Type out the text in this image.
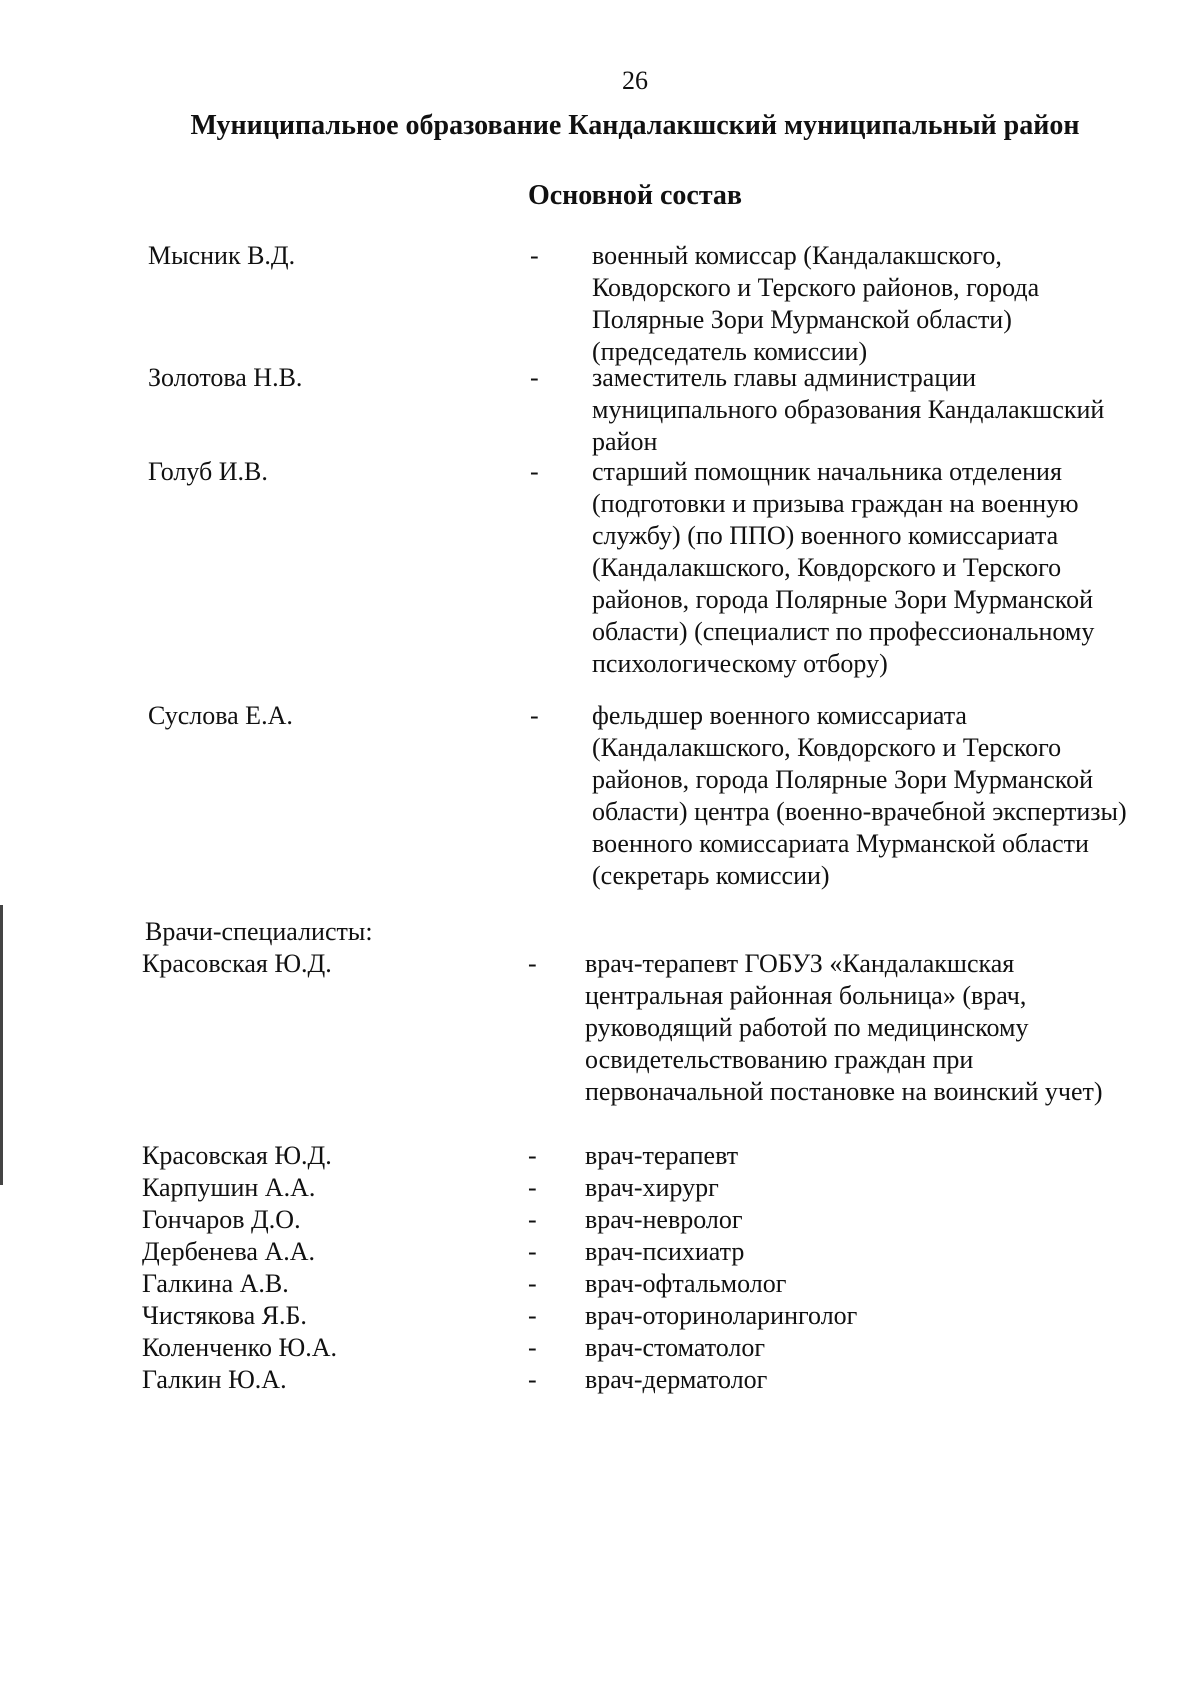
26
Муниципальное образование Кандалакшский муниципальный район
Основной состав
Мысник В.Д.	- военный комиссар (Кандалакшского, Ковдорского и Терского районов, города Полярные Зори Мурманской области) (председатель комиссии)
Золотова Н.В.	- заместитель главы администрации муниципального образования Кандалакшский район
Голуб И.В.	- старший помощник начальника отделения (подготовки и призыва граждан на военную службу) (по ППО) военного комиссариата (Кандалакшского, Ковдорского и Терского районов, города Полярные Зори Мурманской области) (специалист по профессиональному психологическому отбору)
Суслова Е.А.	- фельдшер военного комиссариата (Кандалакшского, Ковдорского и Терского районов, города Полярные Зори Мурманской области) центра (военно-врачебной экспертизы) военного комиссариата Мурманской области (секретарь комиссии)
Врачи-специалисты:
Красовская Ю.Д.	- врач-терапевт ГОБУЗ «Кандалакшская центральная районная больница» (врач, руководящий работой по медицинскому освидетельствованию граждан при первоначальной постановке на воинский учет)
Красовская Ю.Д.	- врач-терапевт
Карпушин А.А.	- врач-хирург
Гончаров Д.О.	- врач-невролог
Дербенева А.А.	- врач-психиатр
Галкина А.В.	- врач-офтальмолог
Чистякова Я.Б.	- врач-оториноларинголог
Коленченко Ю.А.	- врач-стоматолог
Галкин Ю.А.	- врач-дерматолог
